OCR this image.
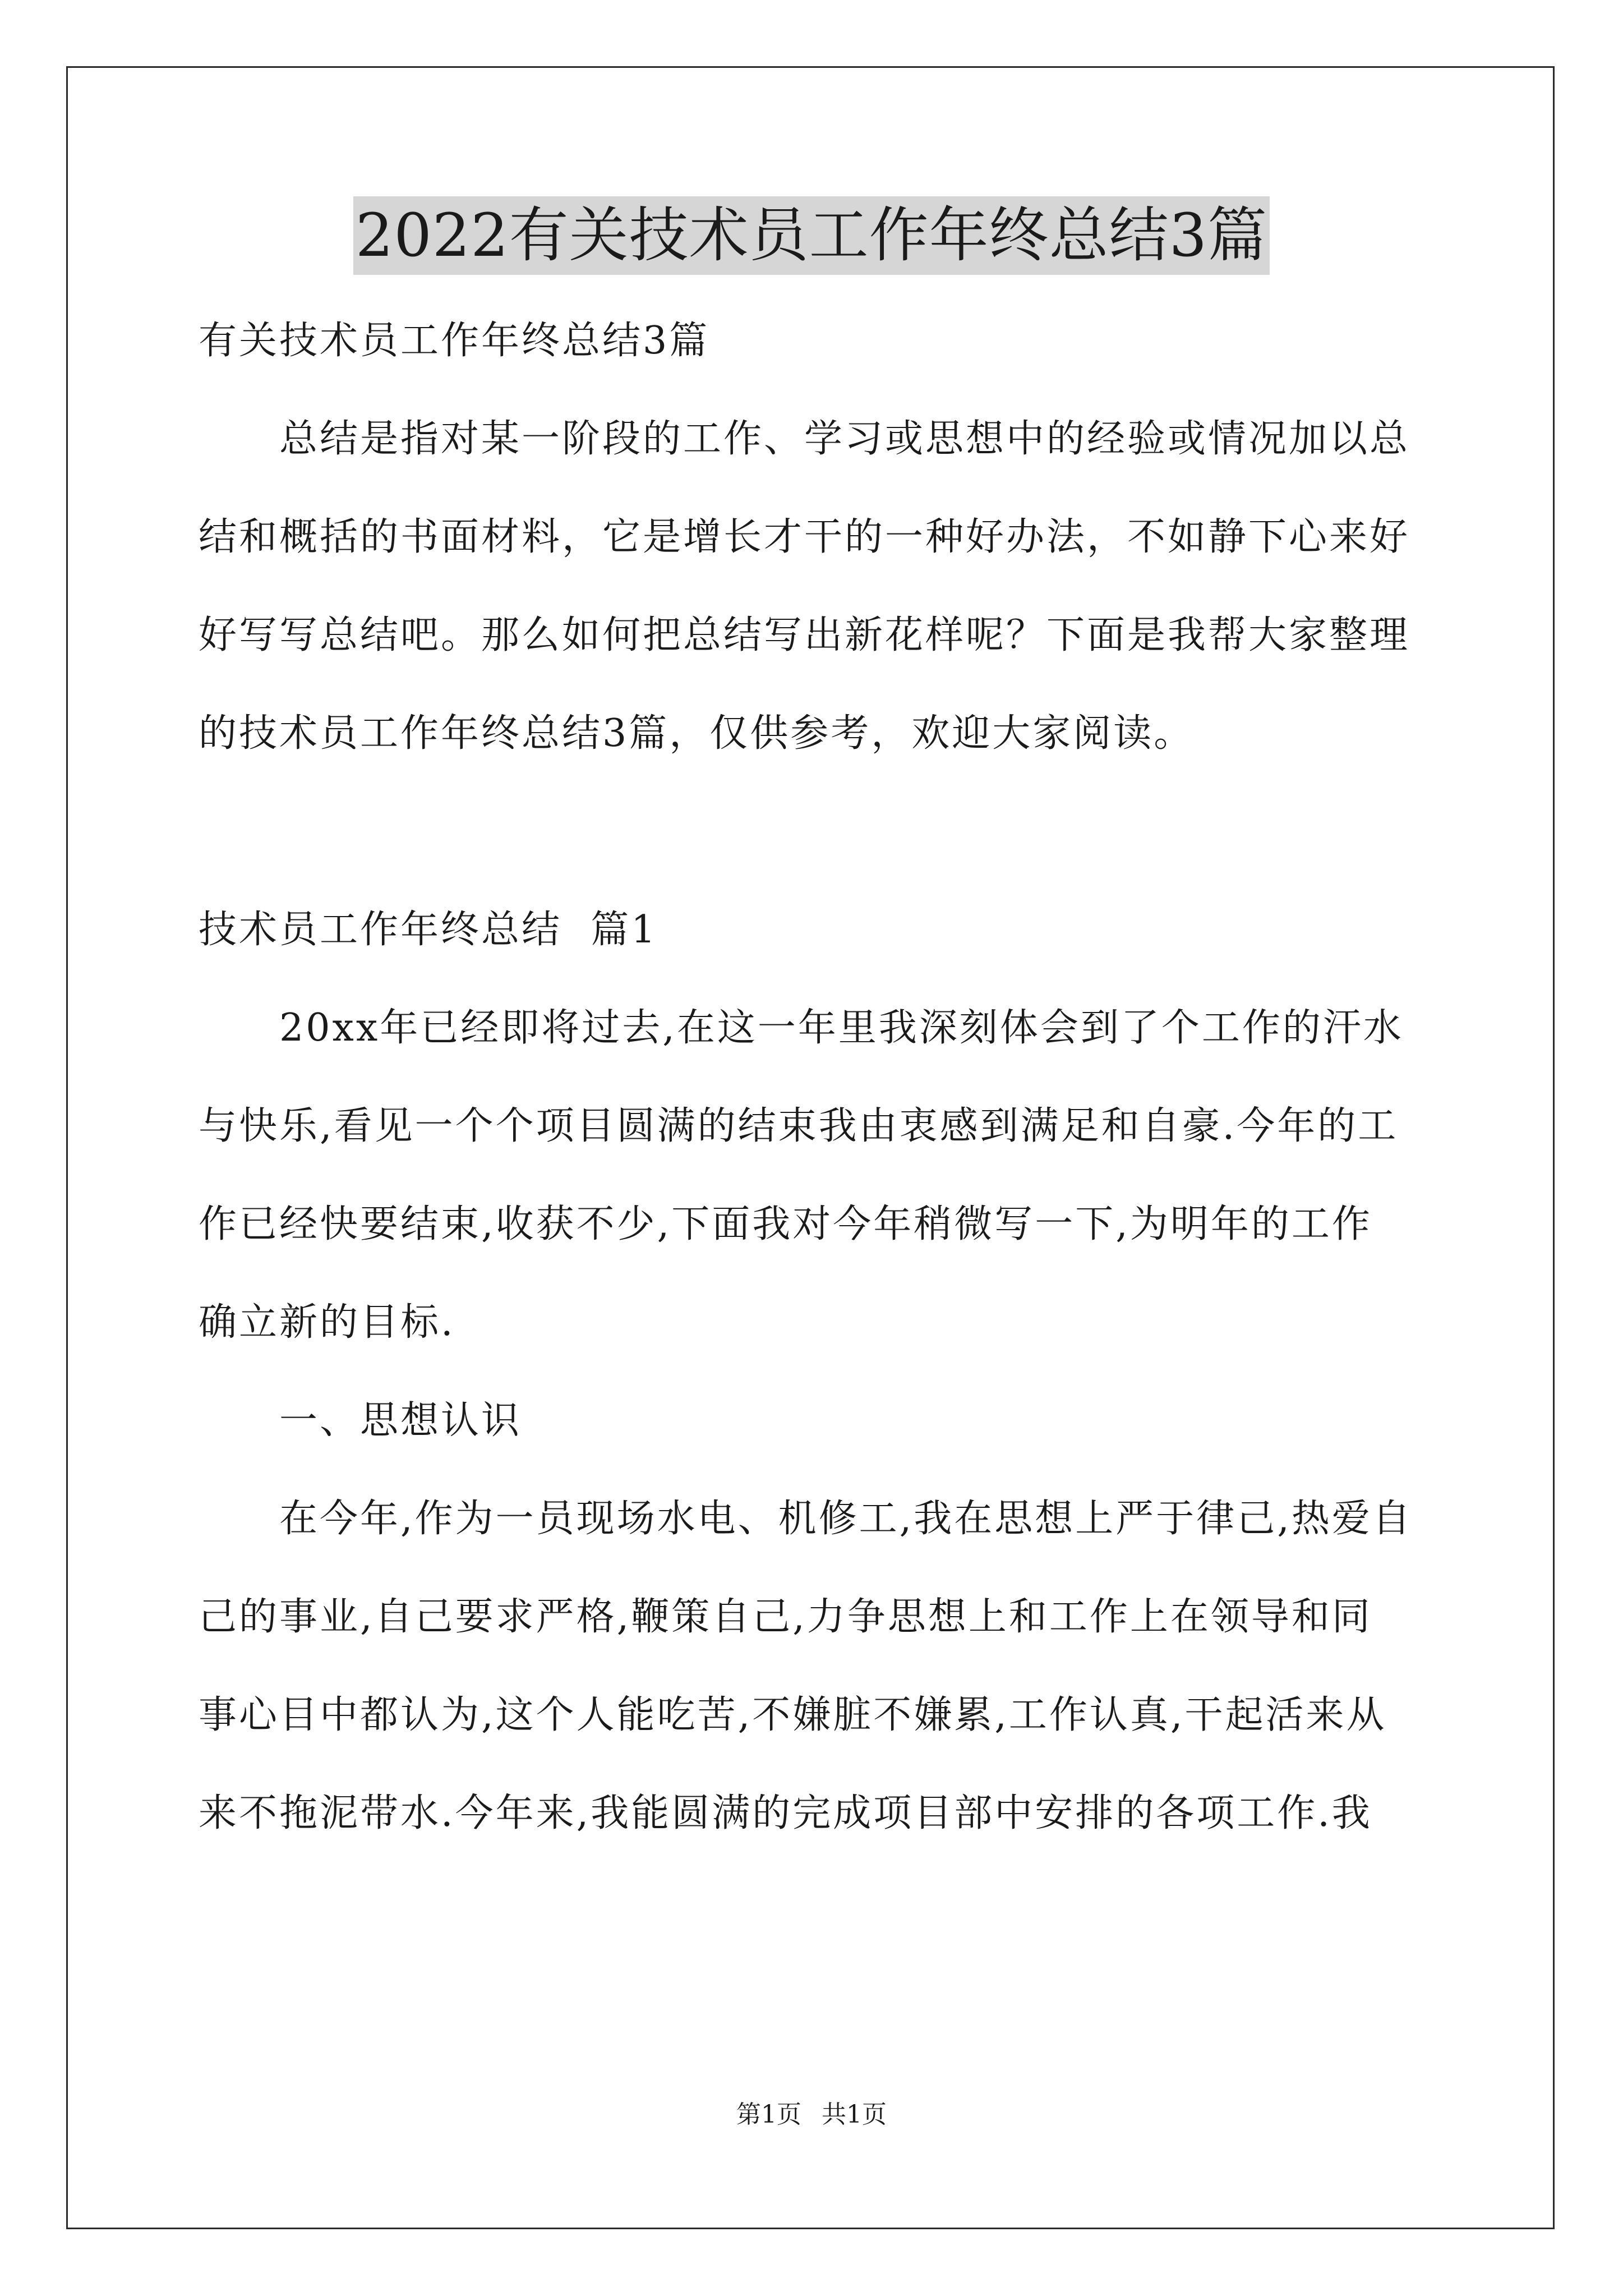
2022有关技术员工作年终总结3篇
有关技术员工作年终总结3篇
总结是指对某一阶段的工作、学习或思想中的经验或情况加以总
结和概括的书面材料，它是增长才干的一种好办法，不如静下心来好
好写写总结吧。那么如何把总结写出新花样呢？下面是我帮大家整理
的技术员工作年终总结3篇，仅供参考，欢迎大家阅读。
技术员工作年终总结  篇1
20xx年已经即将过去,在这一年里我深刻体会到了个工作的汗水
与快乐,看见一个个项目圆满的结束我由衷感到满足和自豪.今年的工
作已经快要结束,收获不少,下面我对今年稍微写一下,为明年的工作
确立新的目标.
一、思想认识
在今年,作为一员现场水电、机修工,我在思想上严于律己,热爱自
己的事业,自己要求严格,鞭策自己,力争思想上和工作上在领导和同
事心目中都认为,这个人能吃苦,不嫌脏不嫌累,工作认真,干起活来从
来不拖泥带水.今年来,我能圆满的完成项目部中安排的各项工作.我
第1页 共1页
